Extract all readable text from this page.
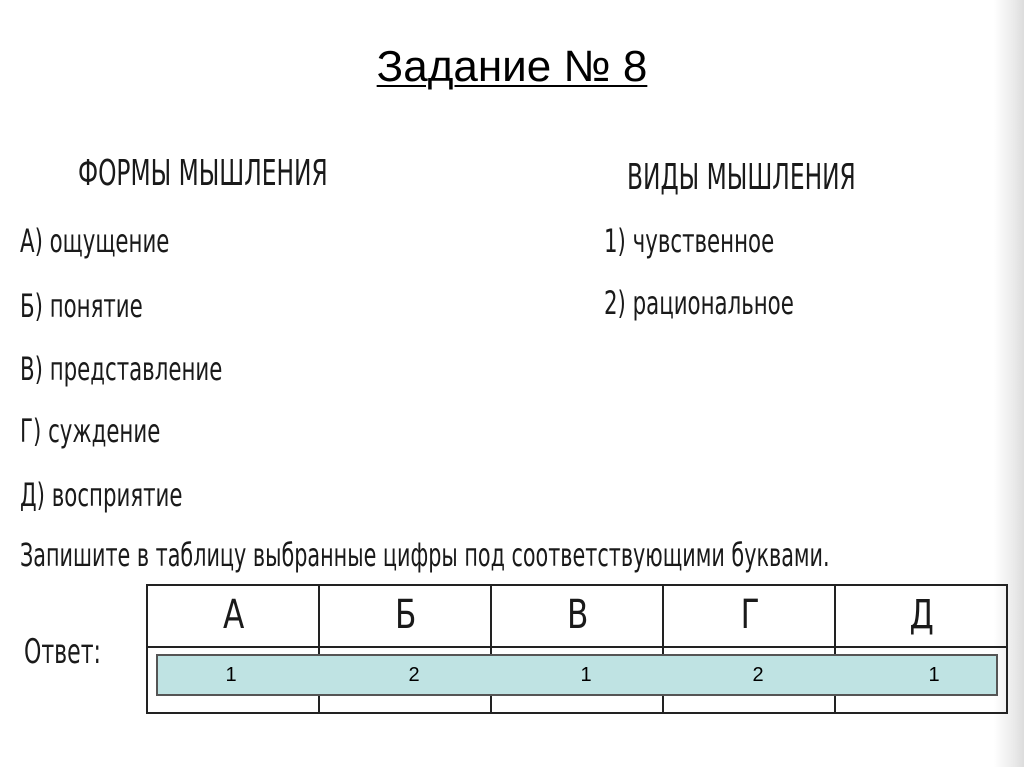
Задание № 8
ФОРМЫ МЫШЛЕНИЯ	ВИДЫ МЫШЛЕНИЯ
А) ощущение
Б) понятие
В) представление
Г) суждение
Д) восприятие
1) чувственное
2) рациональное
Запишите в таблицу выбранные цифры под соответствующими буквами.
Ответ:
А	Б	В	Г	Д
1	2	1	2	1
